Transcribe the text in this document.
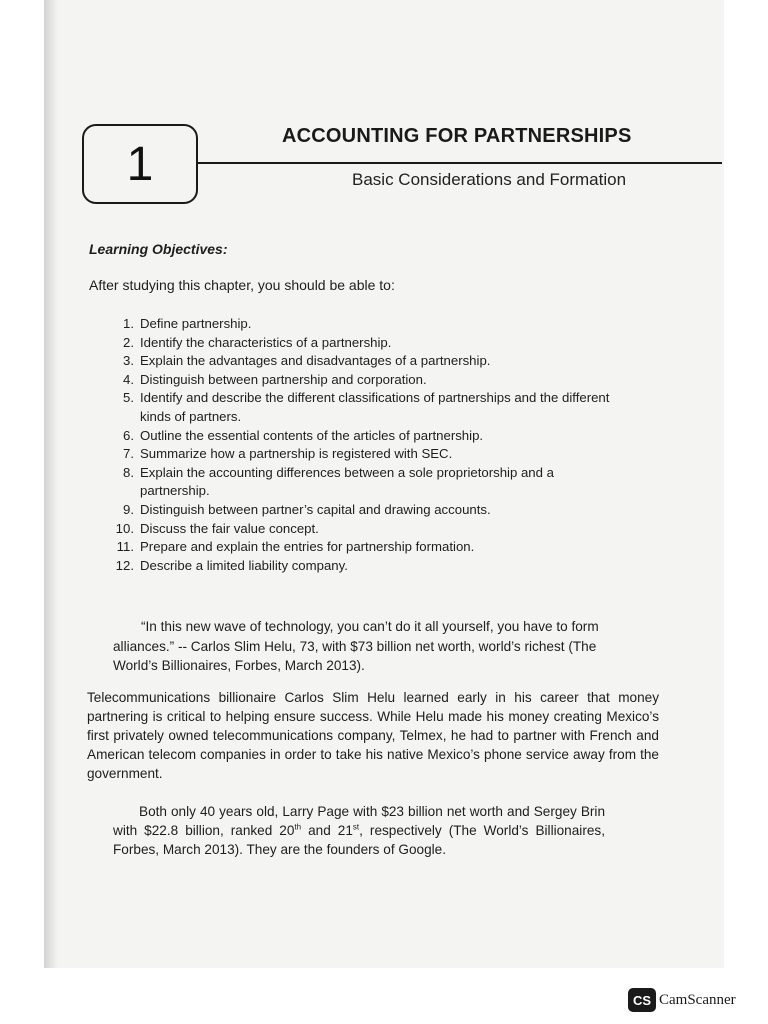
1
ACCOUNTING FOR PARTNERSHIPS
Basic Considerations and Formation
Learning Objectives:
After studying this chapter, you should be able to:
1. Define partnership.
2. Identify the characteristics of a partnership.
3. Explain the advantages and disadvantages of a partnership.
4. Distinguish between partnership and corporation.
5. Identify and describe the different classifications of partnerships and the different kinds of partners.
6. Outline the essential contents of the articles of partnership.
7. Summarize how a partnership is registered with SEC.
8. Explain the accounting differences between a sole proprietorship and a partnership.
9. Distinguish between partner’s capital and drawing accounts.
10. Discuss the fair value concept.
11. Prepare and explain the entries for partnership formation.
12. Describe a limited liability company.
“In this new wave of technology, you can’t do it all yourself, you have to form alliances.” -- Carlos Slim Helu, 73, with $73 billion net worth, world’s richest (The World’s Billionaires, Forbes, March 2013).
Telecommunications billionaire Carlos Slim Helu learned early in his career that money partnering is critical to helping ensure success. While Helu made his money creating Mexico’s first privately owned telecommunications company, Telmex, he had to partner with French and American telecom companies in order to take his native Mexico’s phone service away from the government.
Both only 40 years old, Larry Page with $23 billion net worth and Sergey Brin with $22.8 billion, ranked 20th and 21st, respectively (The World’s Billionaires, Forbes, March 2013). They are the founders of Google.
CS CamScanner
